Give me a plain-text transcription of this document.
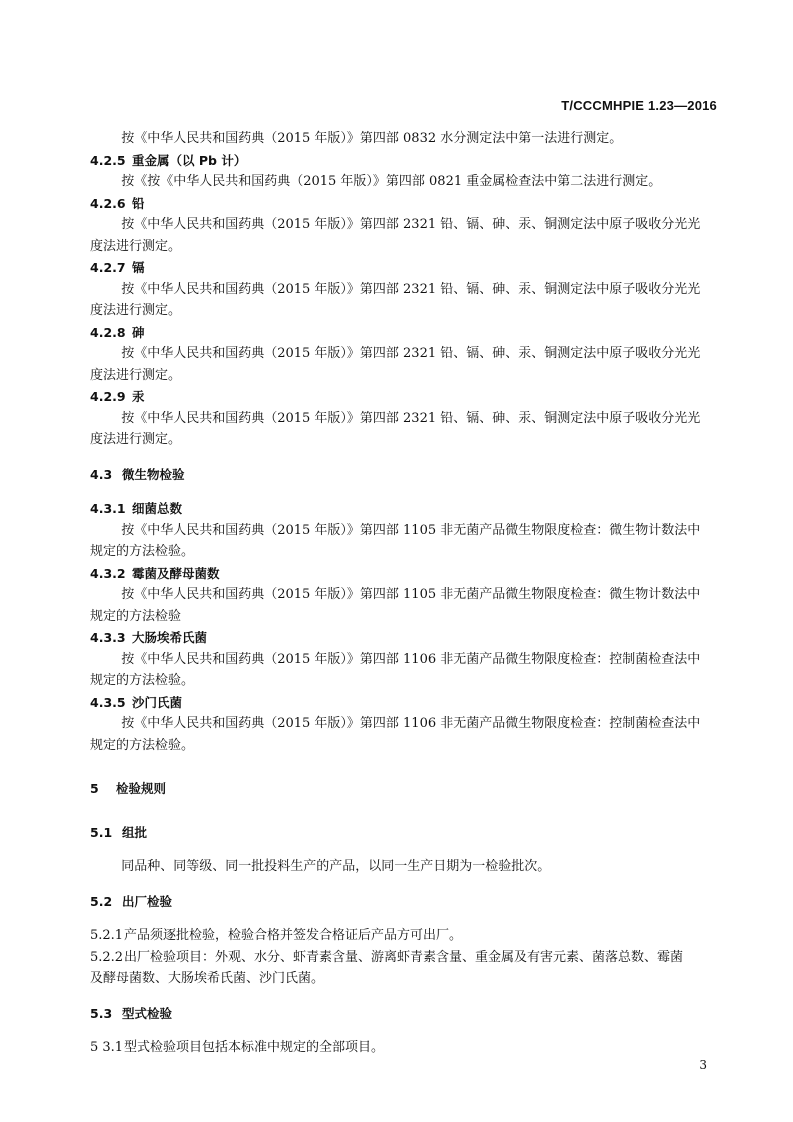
T/CCCMHPIE 1.23—2016
按《中华人民共和国药典（2015 年版）》第四部 0832 水分测定法中第一法进行测定。
4.2.5 重金属（以 Pb 计）
按《按《中华人民共和国药典（2015 年版）》第四部 0821 重金属检查法中第二法进行测定。
4.2.6 铅
按《中华人民共和国药典（2015 年版）》第四部 2321 铅、镉、砷、汞、铜测定法中原子吸收分光光
度法进行测定。
4.2.7 镉
按《中华人民共和国药典（2015 年版）》第四部 2321 铅、镉、砷、汞、铜测定法中原子吸收分光光
度法进行测定。
4.2.8 砷
按《中华人民共和国药典（2015 年版）》第四部 2321 铅、镉、砷、汞、铜测定法中原子吸收分光光
度法进行测定。
4.2.9 汞
按《中华人民共和国药典（2015 年版）》第四部 2321 铅、镉、砷、汞、铜测定法中原子吸收分光光
度法进行测定。
4.3 微生物检验
4.3.1 细菌总数
按《中华人民共和国药典（2015 年版）》第四部 1105 非无菌产品微生物限度检查：微生物计数法中
规定的方法检验。
4.3.2 霉菌及酵母菌数
按《中华人民共和国药典（2015 年版）》第四部 1105 非无菌产品微生物限度检查：微生物计数法中
规定的方法检验
4.3.3 大肠埃希氏菌
按《中华人民共和国药典（2015 年版）》第四部 1106 非无菌产品微生物限度检查：控制菌检查法中
规定的方法检验。
4.3.5 沙门氏菌
按《中华人民共和国药典（2015 年版）》第四部 1106 非无菌产品微生物限度检查：控制菌检查法中
规定的方法检验。
5 检验规则
5.1 组批
同品种、同等级、同一批投料生产的产品，以同一生产日期为一检验批次。
5.2 出厂检验
5.2.1产品须逐批检验，检验合格并签发合格证后产品方可出厂。
5.2.2出厂检验项目：外观、水分、虾青素含量、游离虾青素含量、重金属及有害元素、菌落总数、霉菌
及酵母菌数、大肠埃希氏菌、沙门氏菌。
5.3 型式检验
5 3.1型式检验项目包括本标准中规定的全部项目。
3
